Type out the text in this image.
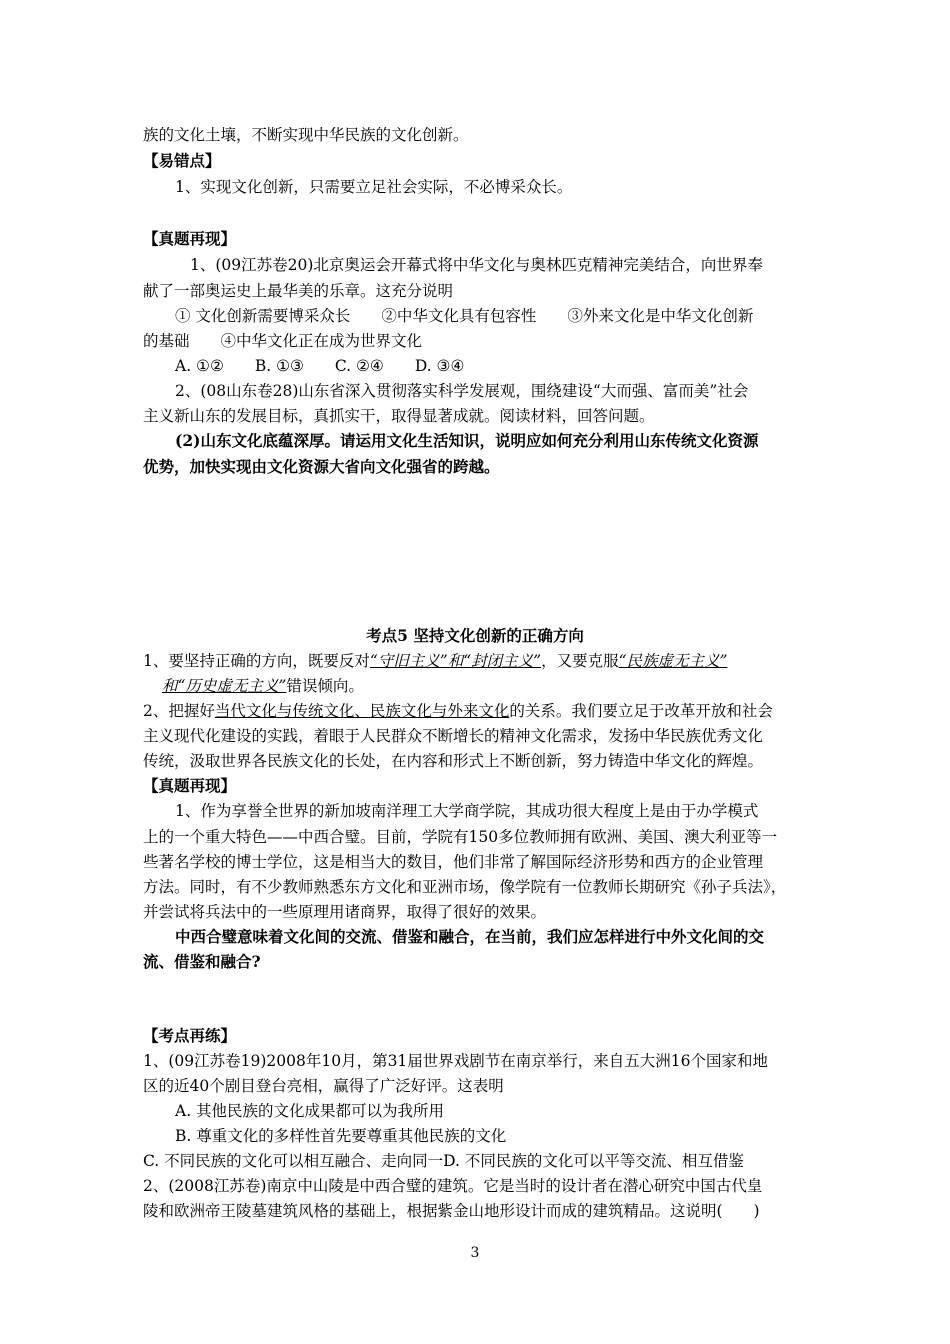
族的文化土壤，不断实现中华民族的文化创新。
【易错点】
1、实现文化创新，只需要立足社会实际，不必博采众长。
【真题再现】
1、(09江苏卷20)北京奥运会开幕式将中华文化与奥林匹克精神完美结合，向世界奉
献了一部奥运史上最华美的乐章。这充分说明
① 文化创新需要博采众长　　②中华文化具有包容性　　③外来文化是中华文化创新
的基础　　④中华文化正在成为世界文化
A. ①②　　B. ①③　　C. ②④　　D. ③④
2、(08山东卷28)山东省深入贯彻落实科学发展观，围绕建设“大而强、富而美”社会
主义新山东的发展目标，真抓实干，取得显著成就。阅读材料，回答问题。
(2)山东文化底蕴深厚。请运用文化生活知识，说明应如何充分利用山东传统文化资源
优势，加快实现由文化资源大省向文化强省的跨越。
考点5 坚持文化创新的正确方向
1、要坚持正确的方向，既要反对“守旧主义”和“封闭主义”，又要克服“民族虚无主义”
和“历史虚无主义”错误倾向。
2、把握好当代文化与传统文化、民族文化与外来文化的关系。我们要立足于改革开放和社会
主义现代化建设的实践，着眼于人民群众不断增长的精神文化需求，发扬中华民族优秀文化
传统，汲取世界各民族文化的长处，在内容和形式上不断创新，努力铸造中华文化的辉煌。
【真题再现】
1、作为享誉全世界的新加坡南洋理工大学商学院，其成功很大程度上是由于办学模式
上的一个重大特色——中西合璧。目前，学院有150多位教师拥有欧洲、美国、澳大利亚等一
些著名学校的博士学位，这是相当大的数目，他们非常了解国际经济形势和西方的企业管理
方法。同时，有不少教师熟悉东方文化和亚洲市场，像学院有一位教师长期研究《孙子兵法》，
并尝试将兵法中的一些原理用诸商界，取得了很好的效果。
中西合璧意味着文化间的交流、借鉴和融合，在当前，我们应怎样进行中外文化间的交
流、借鉴和融合?
【考点再练】
1、(09江苏卷19)2008年10月，第31届世界戏剧节在南京举行，来自五大洲16个国家和地
区的近40个剧目登台亮相，赢得了广泛好评。这表明
A. 其他民族的文化成果都可以为我所用
B. 尊重文化的多样性首先要尊重其他民族的文化
C. 不同民族的文化可以相互融合、走向同一D. 不同民族的文化可以平等交流、相互借鉴
2、(2008江苏卷)南京中山陵是中西合璧的建筑。它是当时的设计者在潜心研究中国古代皇
陵和欧洲帝王陵墓建筑风格的基础上，根据紫金山地形设计而成的建筑精品。这说明(　　)
3
